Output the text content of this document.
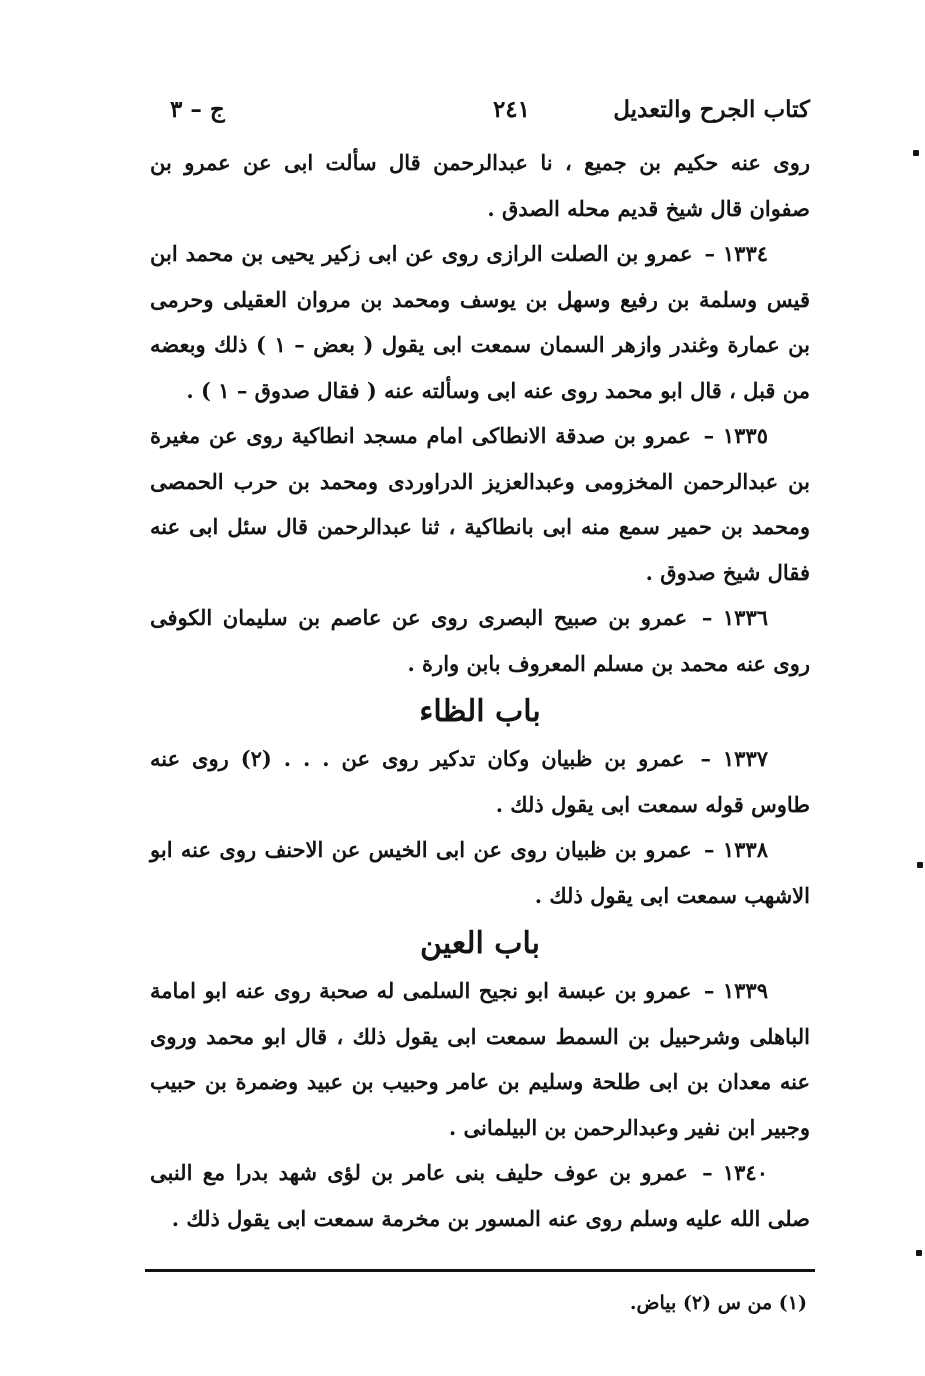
كتاب الجرح والتعديل
٢٤١
ج – ٣

روى عنه حكيم بن جميع ، نا عبدالرحمن قال سألت ابى عن عمرو بن صفوان قال شيخ قديم محله الصدق .

١٣٣٤ – عمرو بن الصلت الرازى روى عن ابى زكير يحيى بن محمد ابن قيس وسلمة بن رفيع وسهل بن يوسف ومحمد بن مروان العقيلى وحرمى بن عمارة وغندر وازهر السمان سمعت ابى يقول ( بعض – ١ ) ذلك وبعضه من قبل ، قال ابو محمد روى عنه ابى وسألته عنه ( فقال صدوق – ١ ) .

١٣٣٥ – عمرو بن صدقة الانطاكى امام مسجد انطاكية روى عن مغيرة بن عبدالرحمن المخزومى وعبدالعزيز الدراوردى ومحمد بن حرب الحمصى ومحمد بن حمير سمع منه ابى بانطاكية ، ثنا عبدالرحمن قال سئل ابى عنه فقال شيخ صدوق .

١٣٣٦ – عمرو بن صبيح البصرى روى عن عاصم بن سليمان الكوفى روى عنه محمد بن مسلم المعروف بابن وارة .

باب الظاء

١٣٣٧ – عمرو بن ظبيان وكان تدكير روى عن . . . (٢) روى عنه طاوس قوله سمعت ابى يقول ذلك .

١٣٣٨ – عمرو بن ظبيان روى عن ابى الخيس عن الاحنف روى عنه ابو الاشهب سمعت ابى يقول ذلك .

باب العين

١٣٣٩ – عمرو بن عبسة ابو نجيح السلمى له صحبة روى عنه ابو امامة الباهلى وشرحبيل بن السمط سمعت ابى يقول ذلك ، قال ابو محمد وروى عنه معدان بن ابى طلحة وسليم بن عامر وحبيب بن عبيد وضمرة بن حبيب وجبير ابن نفير وعبدالرحمن بن البيلمانى .

١٣٤٠ – عمرو بن عوف حليف بنى عامر بن لؤى شهد بدرا مع النبى صلى الله عليه وسلم روى عنه المسور بن مخرمة سمعت ابى يقول ذلك .

(١) من س (٢) بياض.
